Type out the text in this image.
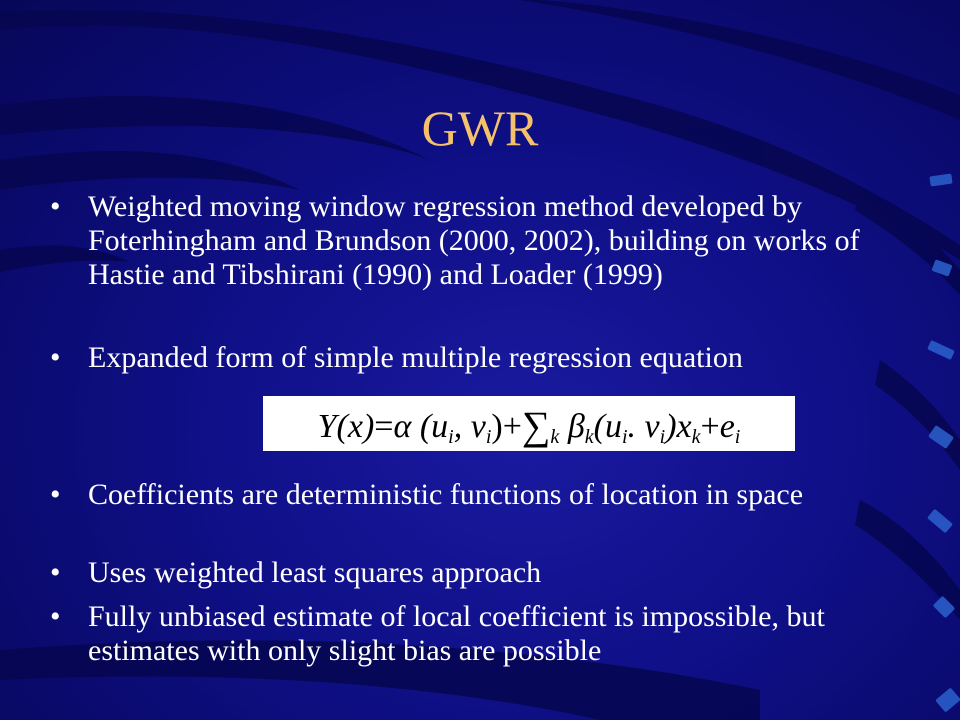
GWR
• Weighted moving window regression method developed by Foterhingham and Brundson (2000, 2002), building on works of Hastie and Tibshirani (1990) and Loader (1999)
• Expanded form of simple multiple regression equation
• Coefficients are deterministic functions of location in space
• Uses weighted least squares approach
• Fully unbiased estimate of local coefficient is impossible, but estimates with only slight bias are possible
Y(x)=α ($u_i$, $v_i)+\sum_k$ $\beta_k(u_i$. $v_i)x_k+e_i$
